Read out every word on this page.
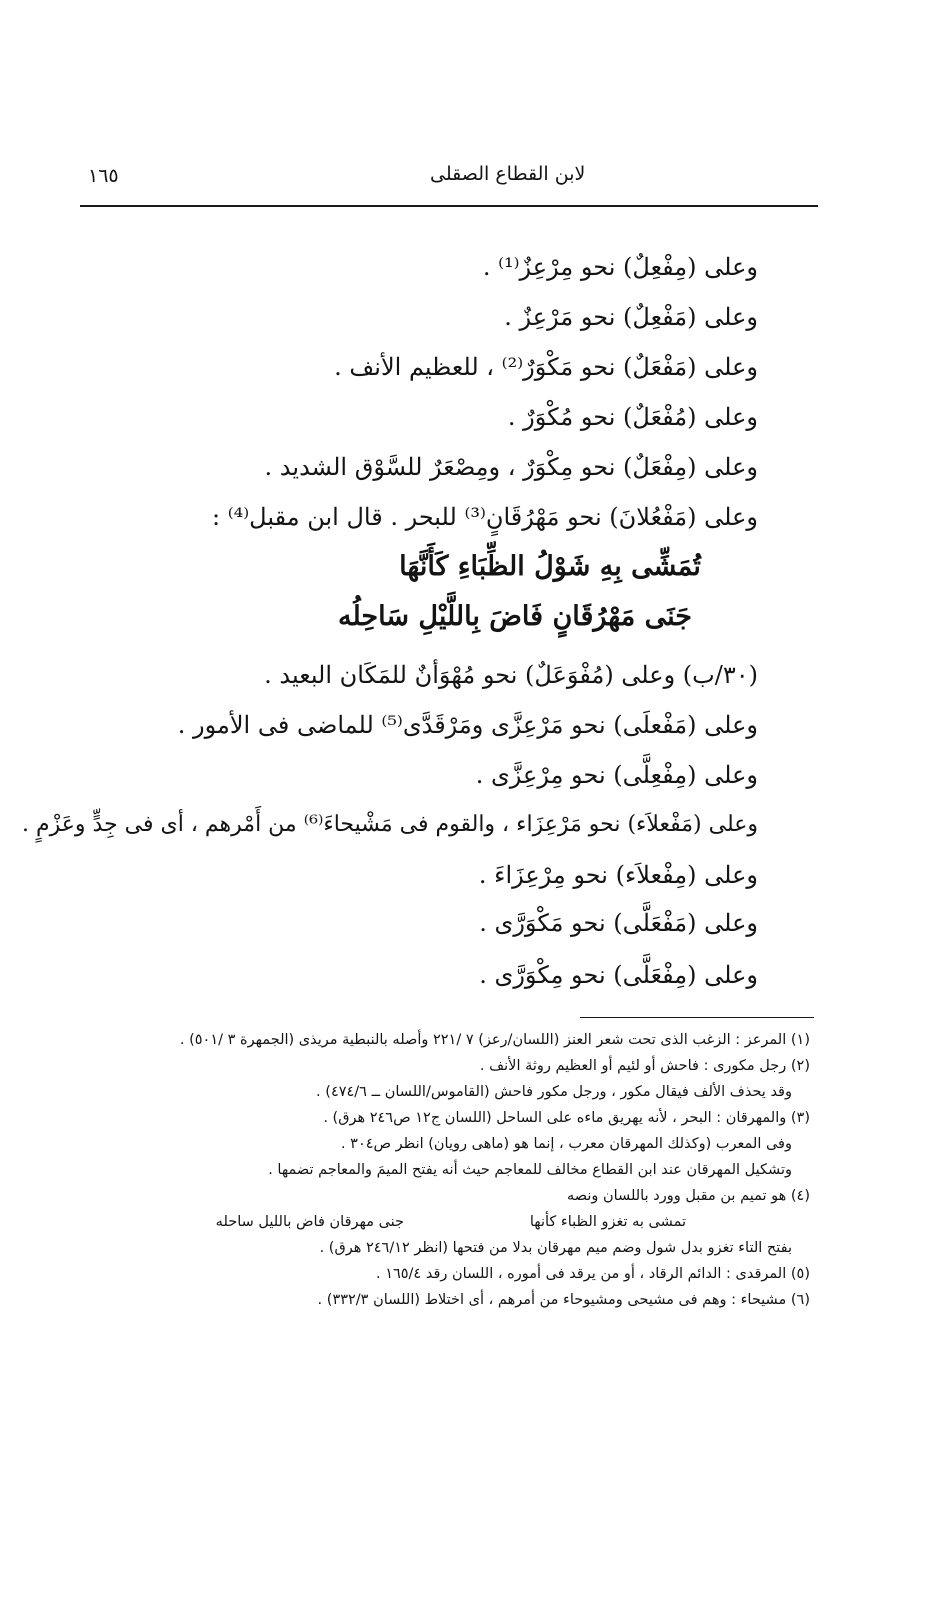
١٦٥	لابن القطاع الصقلى
وعلى (مِفْعِلٌ) نحو مِرْعِزٌ⁽¹⁾ .
وعلى (مَفْعِلٌ) نحو مَرْعِزٌ .
وعلى (مَفْعَلٌ) نحو مَكْوَرٌ⁽²⁾ ، للعظيم الأنف .
وعلى (مُفْعَلٌ) نحو مُكْوَرٌ .
وعلى (مِفْعَلٌ) نحو مِكْوَرٌ ، ومِصْعَرٌ للسَّوْق الشديد .
وعلى (مَفْعُلانَ) نحو مَهْرُقَانٍ⁽³⁾ للبحر . قال ابن مقبل⁽⁴⁾ :
تُمَشِّى بِهِ شَوْلُ الظِّبَاءِ كَأَنَّهَا
جَنَى مَهْرُقَانٍ فَاضَ بِاللَّيْلِ سَاحِلُه
(٣٠/ب) وعلى (مُفْوَعَلٌ) نحو مُهْوَأنٌ للمَكَان البعيد .
وعلى (مَفْعلَى) نحو مَرْعِزَّى ومَرْقَدَّى⁽⁵⁾ للماضى فى الأمور .
وعلى (مِفْعِلَّى) نحو مِرْعِزَّى .
وعلى (مَفْعلاَء) نحو مَرْعِزَاء ، والقوم فى مَشْيحاءَ⁽⁶⁾ من أَمْرهم ، أى فى جِدٍّ وعَزْمٍ .
وعلى (مِفْعلاَء) نحو مِرْعِزَاءَ .
وعلى (مَفْعَلَّى) نحو مَكْوَرَّى .
وعلى (مِفْعَلَّى) نحو مِكْوَرَّى .
(١) المرعز : الزغب الذى تحت شعر العنز (اللسان/رعز) ٧ /٢٢١ وأصله بالنبطية مريذى (الجمهرة ٣ /٥٠١) .
(٢) رجل مكورى : فاحش أو لئيم أو العظيم روثة الأنف .
وقد يحذف الألف فيقال مكور ، ورجل مكور فاحش (القاموس/اللسان ــ ٤٧٤/٦) .
(٣) والمهرقان : البحر ، لأنه يهريق ماءه على الساحل (اللسان ج١٢ ص٢٤٦ هرق) .
وفى المعرب (وكذلك المهرقان معرب ، إنما هو (ماهى رويان) انظر ص٣٠٤ .
وتشكيل المهرقان عند ابن القطاع مخالف للمعاجم حيث أنه يفتح الميمَ والمعاجم تضمها .
(٤) هو تميم بن مقبل وورد باللسان ونصه
تمشى به تغزو الظباء كأنها
جنى مهرقان فاض بالليل ساحله
بفتح التاء تغزو بدل شول وضم ميم مهرقان بدلا من فتحها (انظر ٢٤٦/١٢ هرق) .
(٥) المرقدى : الدائم الرقاد ، أو من يرقد فى أموره ، اللسان رقد ١٦٥/٤ .
(٦) مشيحاء : وهم فى مشيحى ومشيوحاء من أمرهم ، أى اختلاط (اللسان ٣٣٢/٣) .
